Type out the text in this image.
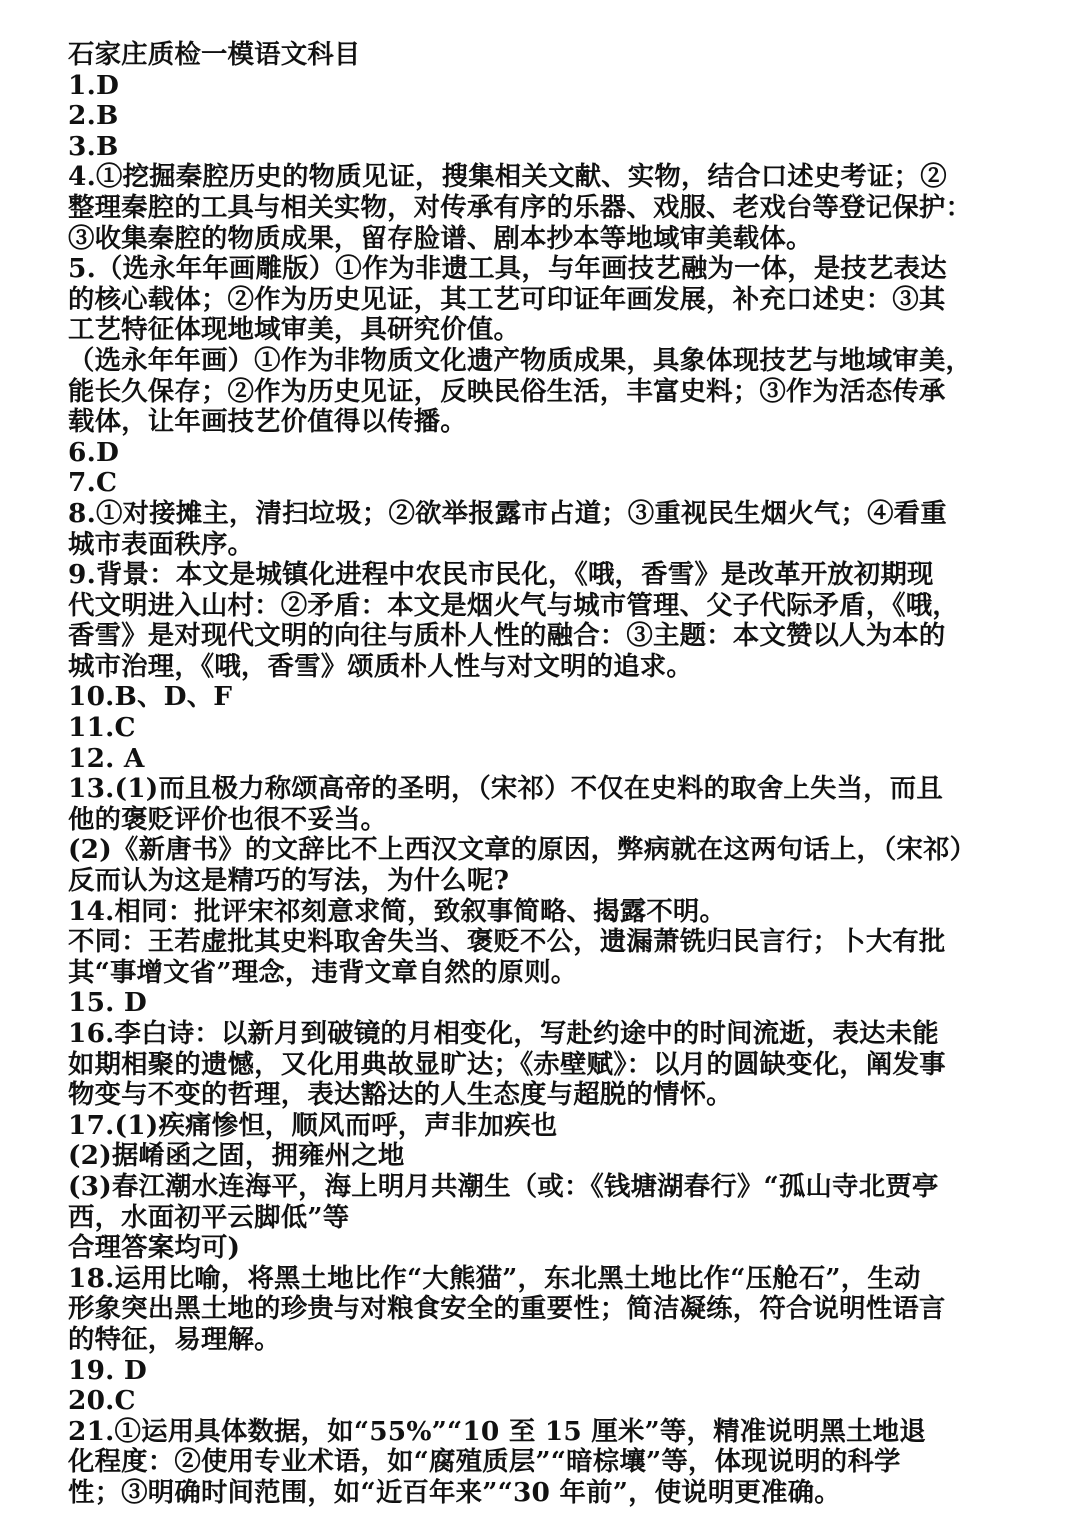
石家庄质检一模语文科目
1.D
2.B
3.B
4.①挖掘秦腔历史的物质见证，搜集相关文献、实物，结合口述史考证；②
整理秦腔的工具与相关实物，对传承有序的乐器、戏服、老戏台等登记保护：
③收集秦腔的物质成果，留存脸谱、剧本抄本等地域审美载体。
5.（选永年年画雕版）①作为非遗工具，与年画技艺融为一体，是技艺表达
的核心载体；②作为历史见证，其工艺可印证年画发展，补充口述史：③其
工艺特征体现地域审美，具研究价值。
（选永年年画）①作为非物质文化遗产物质成果，具象体现技艺与地域审美，
能长久保存；②作为历史见证，反映民俗生活，丰富史料；③作为活态传承
载体，让年画技艺价值得以传播。
6.D
7.C
8.①对接摊主，清扫垃圾；②欲举报露市占道；③重视民生烟火气；④看重
城市表面秩序。
9.背景：本文是城镇化进程中农民市民化，《哦，香雪》是改革开放初期现
代文明进入山村：②矛盾：本文是烟火气与城市管理、父子代际矛盾，《哦，
香雪》是对现代文明的向往与质朴人性的融合：③主题：本文赞以人为本的
城市治理，《哦，香雪》颂质朴人性与对文明的追求。
10.B、D、F
11.C
12. A
13.(1)而且极力称颂高帝的圣明，（宋祁）不仅在史料的取舍上失当，而且
他的褒贬评价也很不妥当。
(2)《新唐书》的文辞比不上西汉文章的原因，弊病就在这两句话上，（宋祁）
反而认为这是精巧的写法，为什么呢?
14.相同：批评宋祁刻意求简，致叙事简略、揭露不明。
不同：王若虚批其史料取舍失当、褒贬不公，遗漏萧铣归民言行；卜大有批
其“事增文省”理念，违背文章自然的原则。
15. D
16.李白诗：以新月到破镜的月相变化，写赴约途中的时间流逝，表达未能
如期相聚的遗憾，又化用典故显旷达；《赤壁赋》：以月的圆缺变化，阐发事
物变与不变的哲理，表达豁达的人生态度与超脱的情怀。
17.(1)疾痛惨怛，顺风而呼，声非加疾也
(2)据崤函之固，拥雍州之地
(3)春江潮水连海平，海上明月共潮生（或：《钱塘湖春行》“孤山寺北贾亭
西，水面初平云脚低”等
合理答案均可)
18.运用比喻，将黑土地比作“大熊猫”，东北黑土地比作“压舱石”，生动
形象突出黑土地的珍贵与对粮食安全的重要性；简洁凝练，符合说明性语言
的特征，易理解。
19. D
20.C
21.①运用具体数据，如“55%”“10 至 15 厘米”等，精准说明黑土地退
化程度：②使用专业术语，如“腐殖质层”“暗棕壤”等，体现说明的科学
性；③明确时间范围，如“近百年来”“30 年前”，使说明更准确。
